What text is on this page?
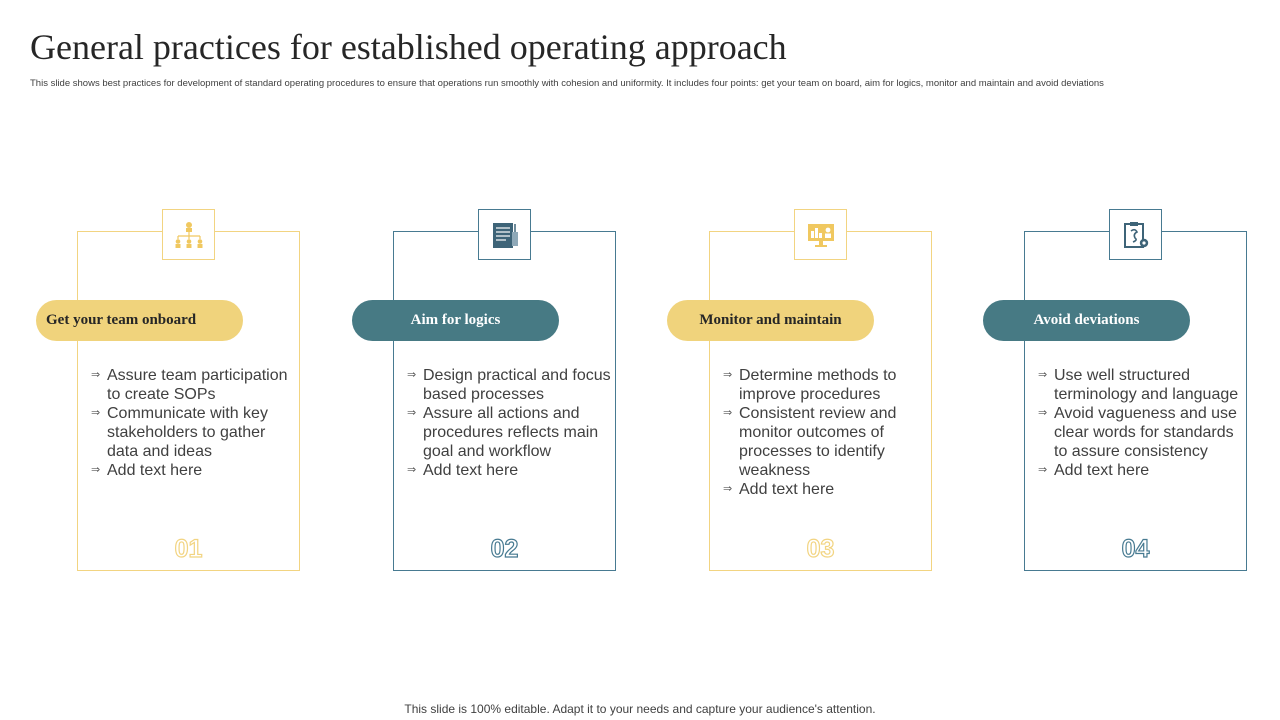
General practices for established operating approach
This slide shows best practices for development of standard operating procedures to ensure that operations run smoothly with cohesion and uniformity. It includes four points: get your team on board, aim for logics, monitor and maintain and avoid deviations
Get your team onboard
⇒ Assure team participation to create SOPs
⇒ Communicate with key stakeholders to gather data and ideas
⇒ Add text here
01
Aim for logics
⇒ Design practical and focus based processes
⇒ Assure all actions and procedures reflects main goal and workflow
⇒ Add text here
02
Monitor and maintain
⇒ Determine methods to improve procedures
⇒ Consistent review and monitor outcomes of processes to identify weakness
⇒ Add text here
03
Avoid deviations
⇒ Use well structured terminology and language
⇒ Avoid vagueness and use clear words for standards to assure consistency
⇒ Add text here
04
This slide is 100% editable. Adapt it to your needs and capture your audience's attention.
